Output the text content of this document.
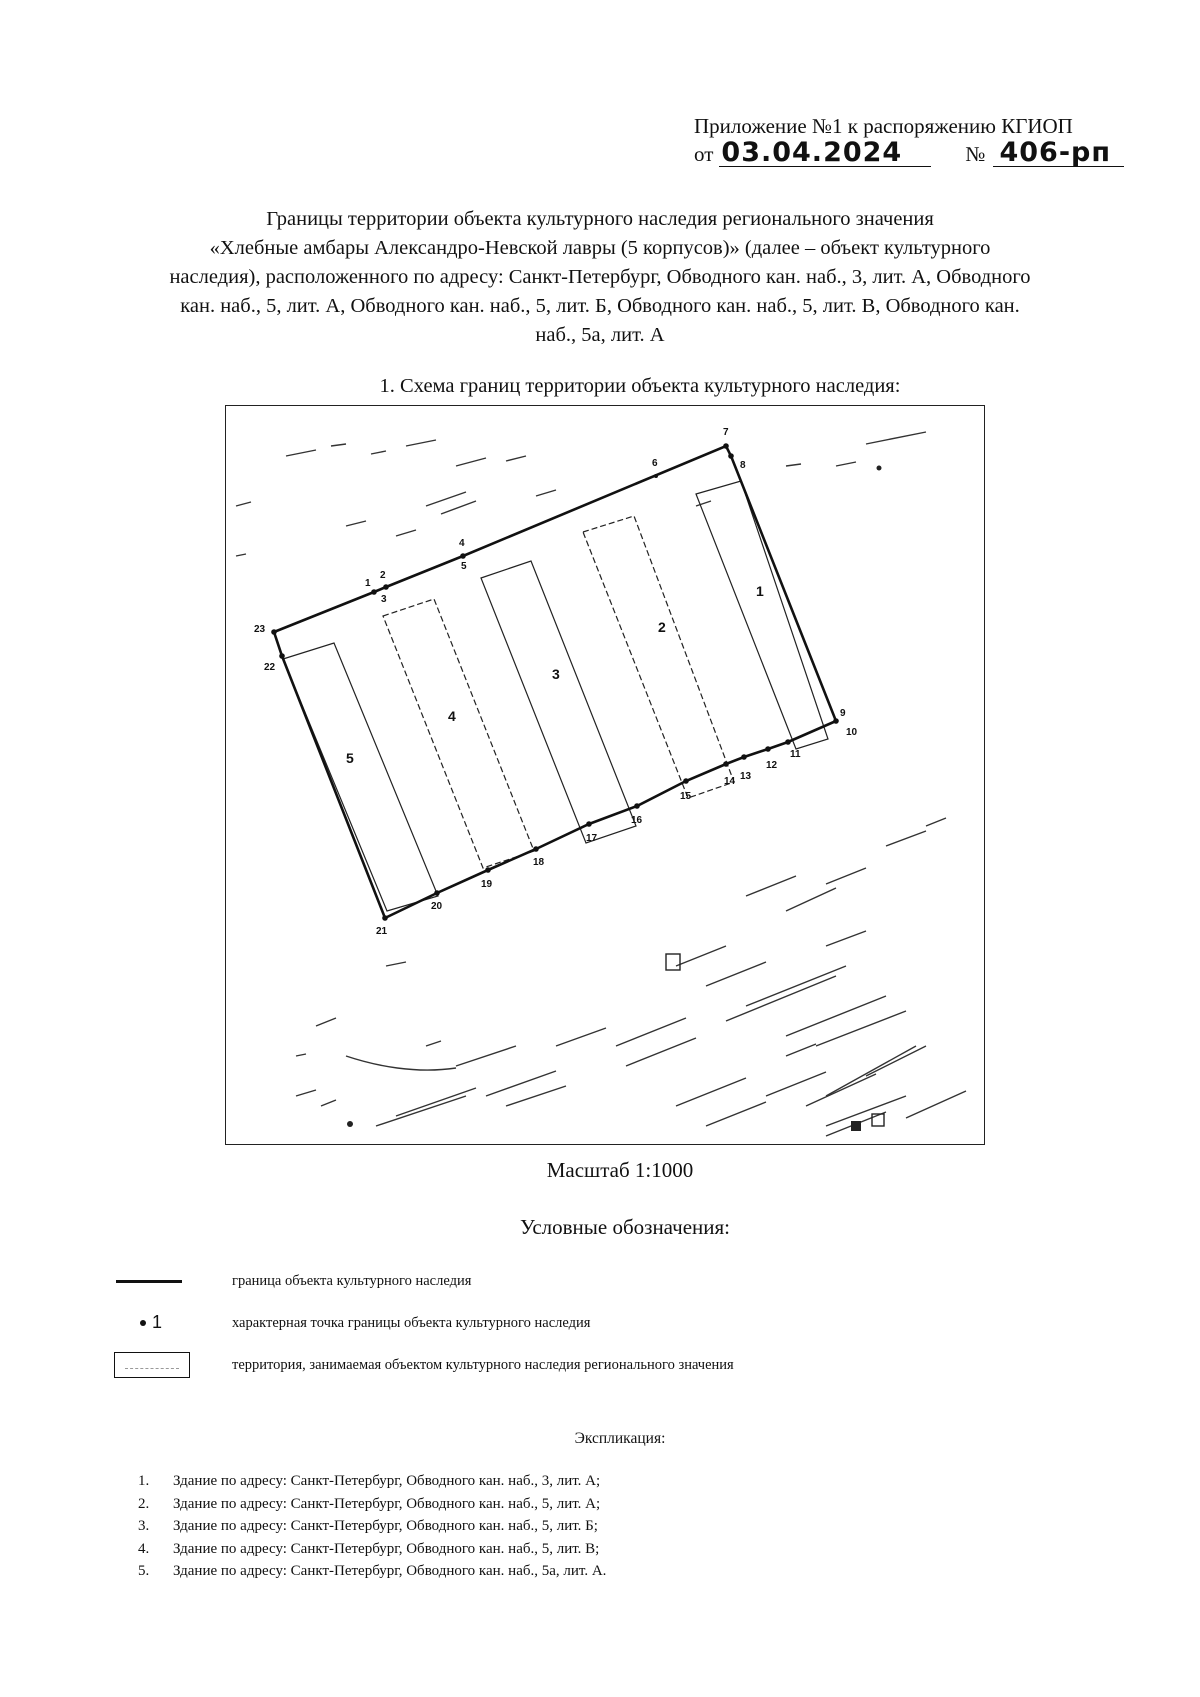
Приложение №1 к распоряжению КГИОП
от 03.04.2024	№ 406-рп
Границы территории объекта культурного наследия регионального значения
«Хлебные амбары Александро-Невской лавры (5 корпусов)» (далее – объект культурного
наследия), расположенного по адресу: Санкт-Петербург, Обводного кан. наб., 3, лит. А, Обводного
кан. наб., 5, лит. А, Обводного кан. наб., 5, лит. Б, Обводного кан. наб., 5, лит. В, Обводного кан.
наб., 5а, лит. А
1. Схема границ территории объекта культурного наследия:
1
2
3
4
5
6
7
8
9
10
11
12
13
14
15
16
17
18
19
20
21
22
23
1
2
3
4
5
Масштаб 1:1000
Условные обозначения:
граница объекта культурного наследия
1	характерная точка границы объекта культурного наследия
территория, занимаемая объектом культурного наследия регионального значения
Экспликация:
1.	Здание по адресу: Санкт-Петербург, Обводного кан. наб., 3, лит. А;
2.	Здание по адресу: Санкт-Петербург, Обводного кан. наб., 5, лит. А;
3.	Здание по адресу: Санкт-Петербург, Обводного кан. наб., 5, лит. Б;
4.	Здание по адресу: Санкт-Петербург, Обводного кан. наб., 5, лит. В;
5.	Здание по адресу: Санкт-Петербург, Обводного кан. наб., 5а, лит. А.
